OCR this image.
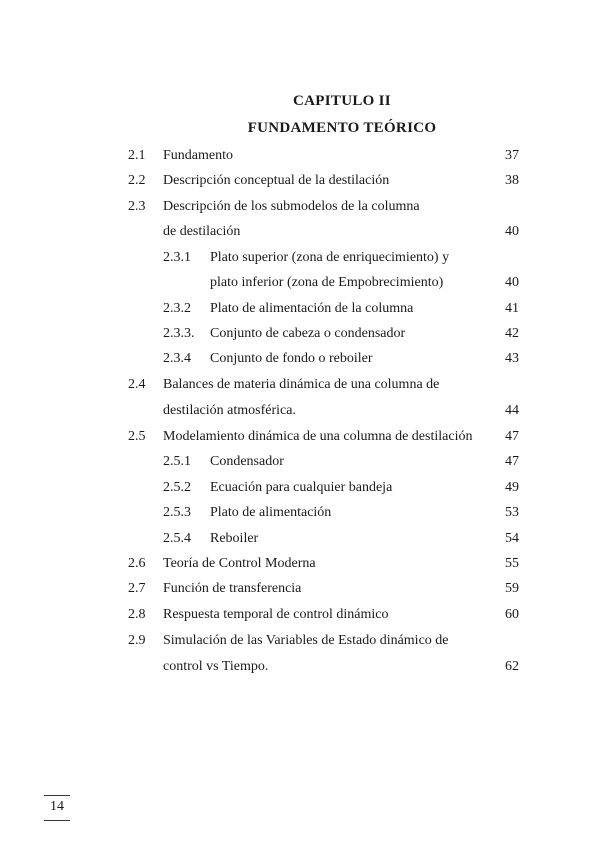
CAPITULO II
FUNDAMENTO TEÓRICO
2.1 Fundamento	37
2.2 Descripción conceptual de la destilación	38
2.3 Descripción de los submodelos de la columna
de destilación	40
2.3.1 Plato superior (zona de enriquecimiento) y
plato inferior (zona de Empobrecimiento)	40
2.3.2 Plato de alimentación de la columna	41
2.3.3. Conjunto de cabeza o condensador	42
2.3.4 Conjunto de fondo o reboiler	43
2.4 Balances de materia dinámica de una columna de
destilación atmosférica.	44
2.5 Modelamiento dinámica de una columna de destilación	47
2.5.1 Condensador	47
2.5.2 Ecuación para cualquier bandeja	49
2.5.3 Plato de alimentación	53
2.5.4 Reboiler	54
2.6 Teoría de Control Moderna	55
2.7 Función de transferencia	59
2.8 Respuesta temporal de control dinámico	60
2.9 Simulación de las Variables de Estado dinámico de
control vs Tiempo.	62
14
